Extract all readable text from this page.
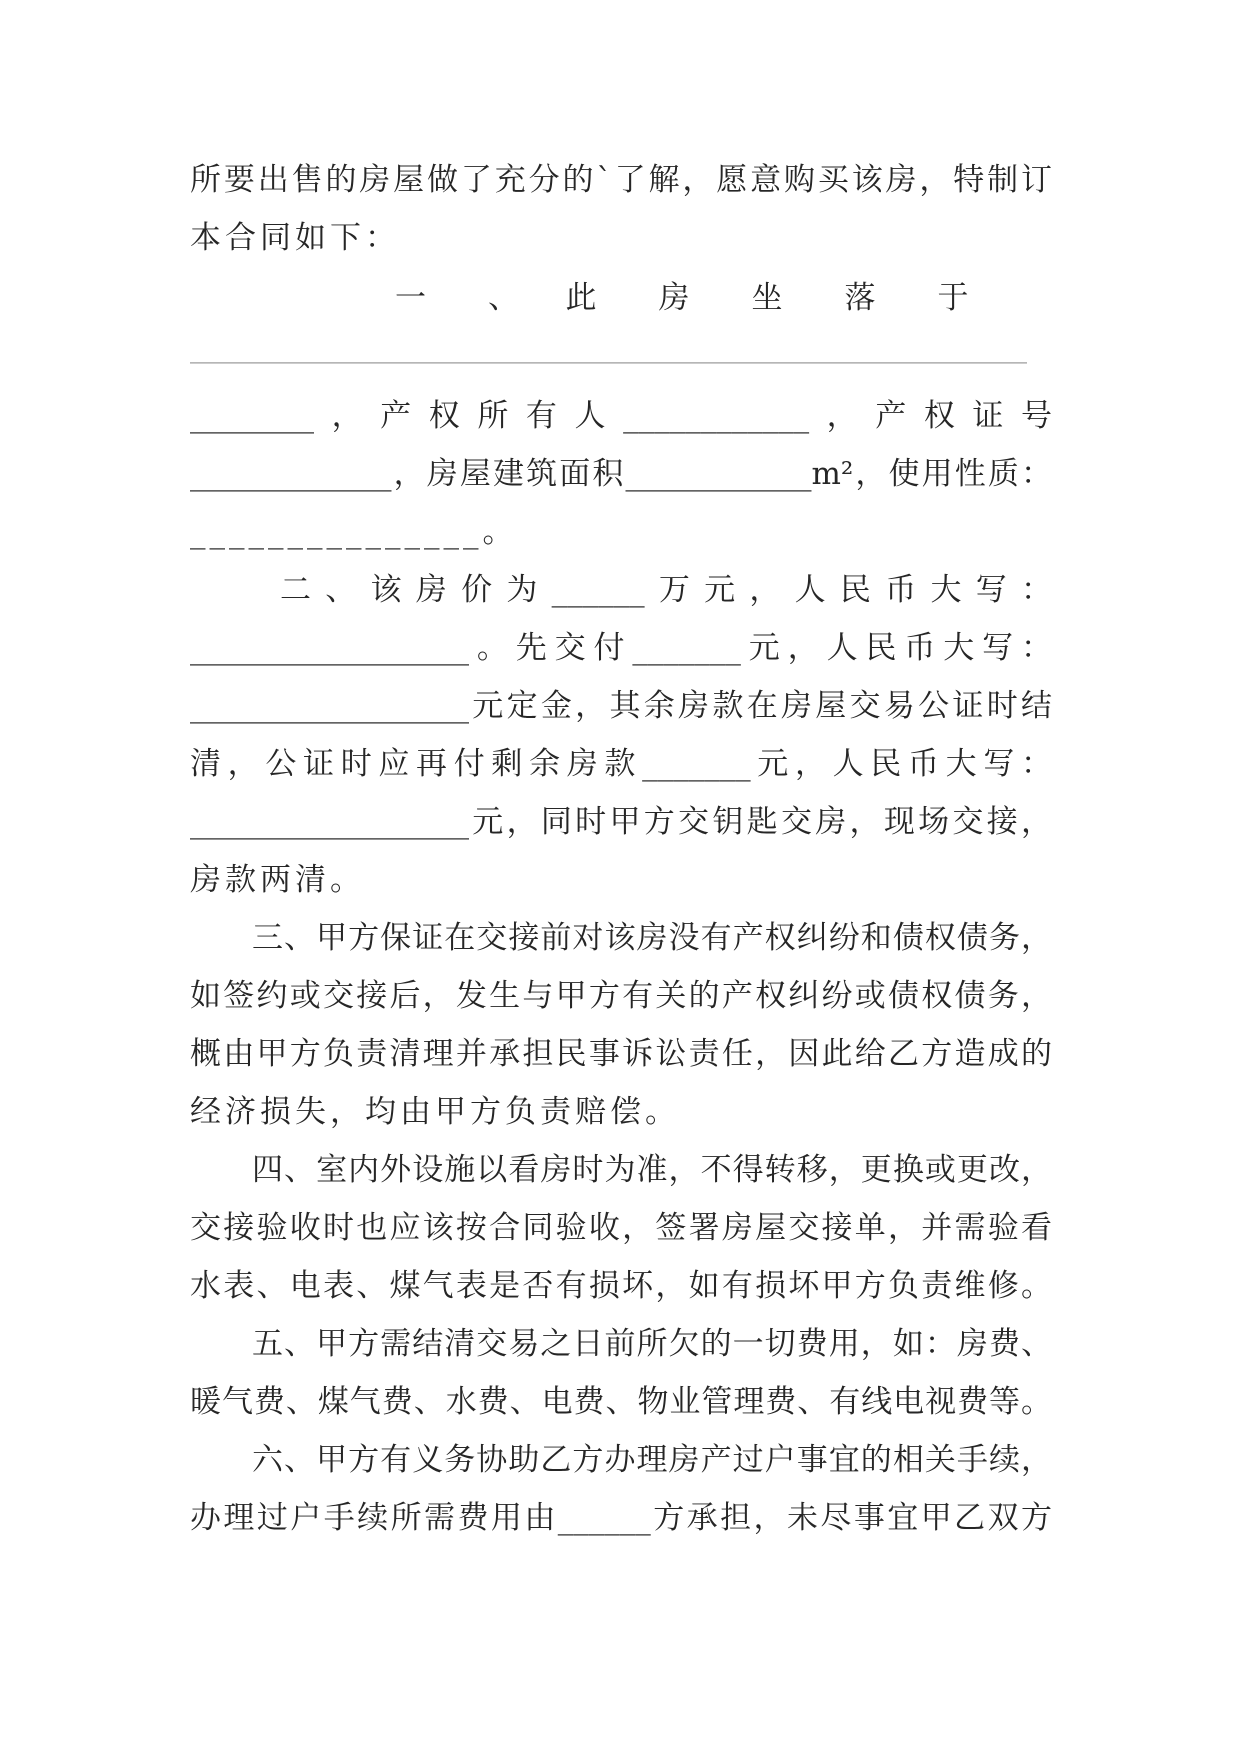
所要出售的房屋做了充分的`了解，愿意购买该房，特制订
本合同如下：
一　　、　　此　　房　　坐　　落　　于
______________________________________________________
________，产权所有人____________，产权证号
_____________，房屋建筑面积____________m²，使用性质：
_______________。
二、该房价为______万元，人民币大写：
__________________。先交付_______元，人民币大写：
__________________元定金，其余房款在房屋交易公证时结
清，公证时应再付剩余房款_______元，人民币大写：
__________________元，同时甲方交钥匙交房，现场交接，
房款两清。
三、甲方保证在交接前对该房没有产权纠纷和债权债务，
如签约或交接后，发生与甲方有关的产权纠纷或债权债务，
概由甲方负责清理并承担民事诉讼责任，因此给乙方造成的
经济损失，均由甲方负责赔偿。
四、室内外设施以看房时为准，不得转移，更换或更改，
交接验收时也应该按合同验收，签署房屋交接单，并需验看
水表、电表、煤气表是否有损坏，如有损坏甲方负责维修。
五、甲方需结清交易之日前所欠的一切费用，如：房费、
暖气费、煤气费、水费、电费、物业管理费、有线电视费等。
六、甲方有义务协助乙方办理房产过户事宜的相关手续，
办理过户手续所需费用由______方承担，未尽事宜甲乙双方
